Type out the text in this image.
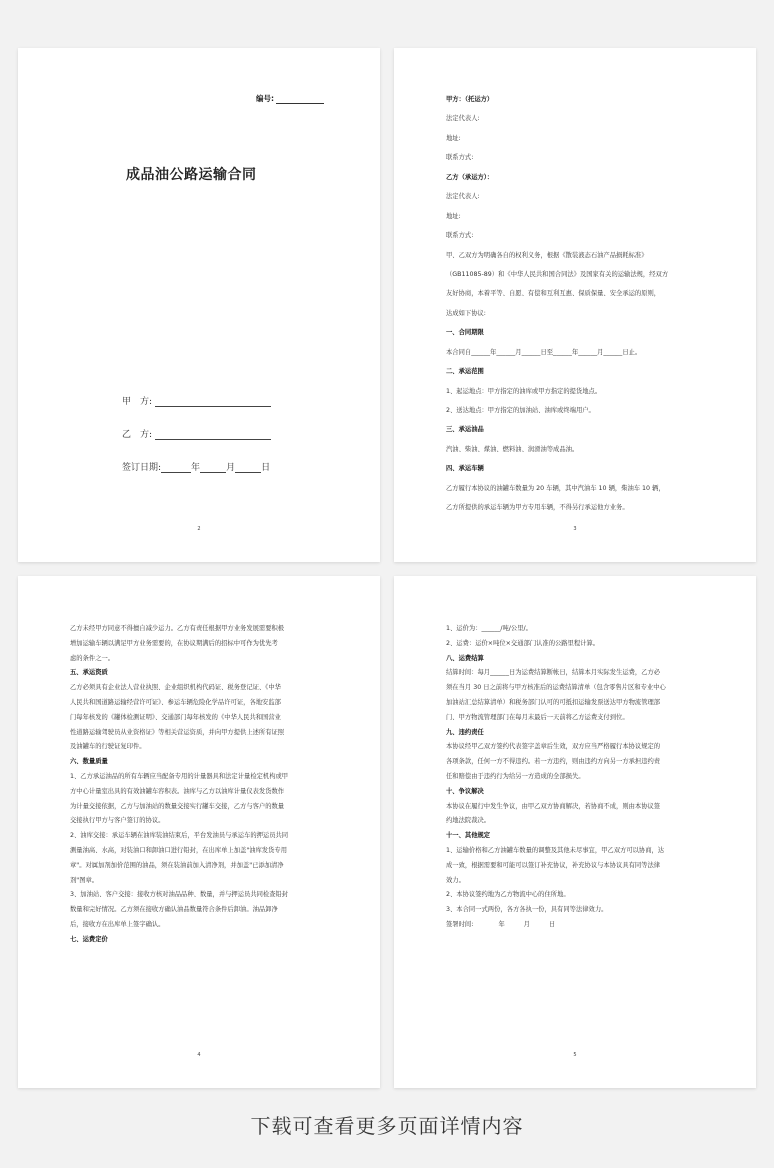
编号:
成品油公路运输合同
甲　方:
乙　方:
签订日期:	年	月	日
2

甲方：（托运方）

法定代表人:

地址:

联系方式:

乙方（承运方）：

法定代表人:

地址:

联系方式:

甲、乙双方为明确各自的权利义务，根据《散装液态石油产品损耗标准》

（GB11085-89）和《中华人民共和国合同法》及国家有关的运输法规，经双方

友好协商，本着平等、自愿、有偿和互利互惠、保质保量、安全承运的原则，

达成如下协议:

一、合同期限

本合同自______年______月______日至______年______月______日止。

二、承运范围

1、起运地点：甲方指定的油库或甲方指定的提货地点。

2、送达地点：甲方指定的加油站、油库或终端用户。

三、承运油品

汽油、柴油、煤油、燃料油、润滑油等成品油。

四、承运车辆

乙方履行本协议的油罐车数量为 20 车辆，其中汽油车 10 辆，柴油车 10 辆，

乙方所提供的承运车辆为甲方专用车辆，不得另行承运他方业务。

3

乙方未经甲方同意不得擅自减少运力。乙方有责任根据甲方业务发展需要积极

增加运输车辆以满足甲方业务需要的，在协议期满后的招标中可作为优先考

虑的条件之一。

五、承运资质

乙方必须具有企业法人营业执照、企业组织机构代码证、税务登记证、《中华

人民共和国道路运输经营许可证》、参运车辆危险化学品许可证，各地安监部

门每年核发的《罐体检测证明》、交通部门每年核发的《中华人民共和国营业

性道路运输驾驶员从业资格证》等相关营运资质，并向甲方提供上述所有证照

及油罐车的行驶证复印件。

六、数量质量

1、乙方承运油品的所有车辆应当配备专用的计量器具和法定计量检定机构或甲

方中心计量室出具的有效油罐车容积表。油库与乙方以油库计量仪表发货数作

为计量交接依据，乙方与加油站的数量交接实行罐车交接，乙方与客户的数量

交接执行甲方与客户签订的协议。

2、油库交接：承运车辆在油库装油结束后，平台发油员与承运车的押运员共同

测量油高、水高，对装油口和卸油口进行铅封，在出库单上加盖"油库发货专用

章"。对属加剂加价范围的油品，须在装油前加入清净剂，并加盖"已添加清净

剂"图章。

3、加油站、客户交接：接收方核对油品品种、数量，并与押运员共同检查铅封

数量和完好情况。乙方须在接收方确认油品数量符合条件后卸油。油品卸净

后，接收方在出库单上签字确认。

七、运费定价

4

1、运价为：______/吨/公里/。

2、运费：运价×吨位×交通部门认准的公路里程计算。

八、运费结算

结算时间：每月______日为运费结算断帐日，结算本月实际发生运费，乙方必

须在当月 30 日之前将与甲方核准后的运费结算清单（包含零售片区和专业中心

加油站汇总结算清单）和税务部门认可的可抵扣运输发票送达甲方物流管理部

门、甲方物流管理部门在每月末最后一天前将乙方运费支付到位。

九、违约责任

本协议经甲乙双方签约代表签字盖章后生效，双方应当严格履行本协议规定的

各项条款，任何一方不得违约。若一方违约，则由违约方向另一方承担违约责

任和赔偿由于违约行为给另一方造成的全部损失。

十、争议解决

本协议在履行中发生争议，由甲乙双方协商解决，若协商不成，则由本协议签

约地法院裁决。

十一、其他规定

1、运输价格和乙方油罐车数量的调整及其他未尽事宜，甲乙双方可以协商，达

成一致，根据需要和可能可以签订补充协议，补充协议与本协议具有同等法律

效力。

2、本协议签约地为乙方物流中心的住所地。

3、本合同一式两份，各方各执一份，具有同等法律效力。

签署时间:　　　　年　　　月　　　日

5
下载可查看更多页面详情内容
